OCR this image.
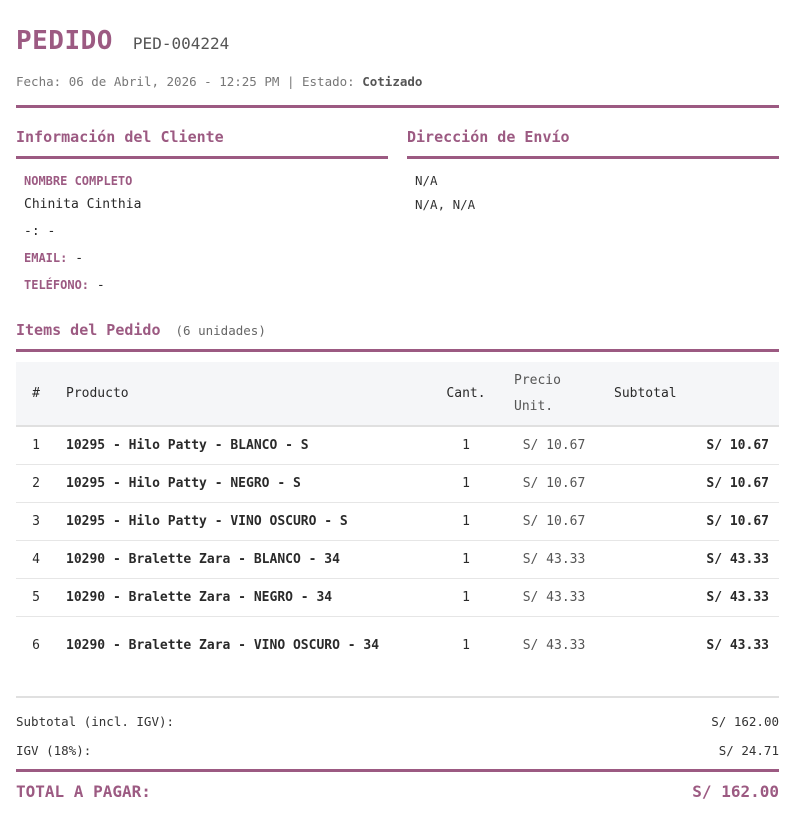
PEDIDO PED-004224
Fecha: 06 de Abril, 2026 - 12:25 PM | Estado: Cotizado
Información del Cliente
NOMBRE COMPLETO
Chinita Cinthia
-: -
EMAIL: -
TELÉFONO: -
Dirección de Envío
N/A
N/A, N/A
Items del Pedido (6 unidades)
#	Producto	Cant.	Precio Unit.	Subtotal
1	10295 - Hilo Patty - BLANCO - S	1	S/ 10.67	S/ 10.67
2	10295 - Hilo Patty - NEGRO - S	1	S/ 10.67	S/ 10.67
3	10295 - Hilo Patty - VINO OSCURO - S	1	S/ 10.67	S/ 10.67
4	10290 - Bralette Zara - BLANCO - 34	1	S/ 43.33	S/ 43.33
5	10290 - Bralette Zara - NEGRO - 34	1	S/ 43.33	S/ 43.33
6	10290 - Bralette Zara - VINO OSCURO - 34	1	S/ 43.33	S/ 43.33
Subtotal (incl. IGV):	S/ 162.00
IGV (18%):	S/ 24.71
TOTAL A PAGAR:	S/ 162.00
